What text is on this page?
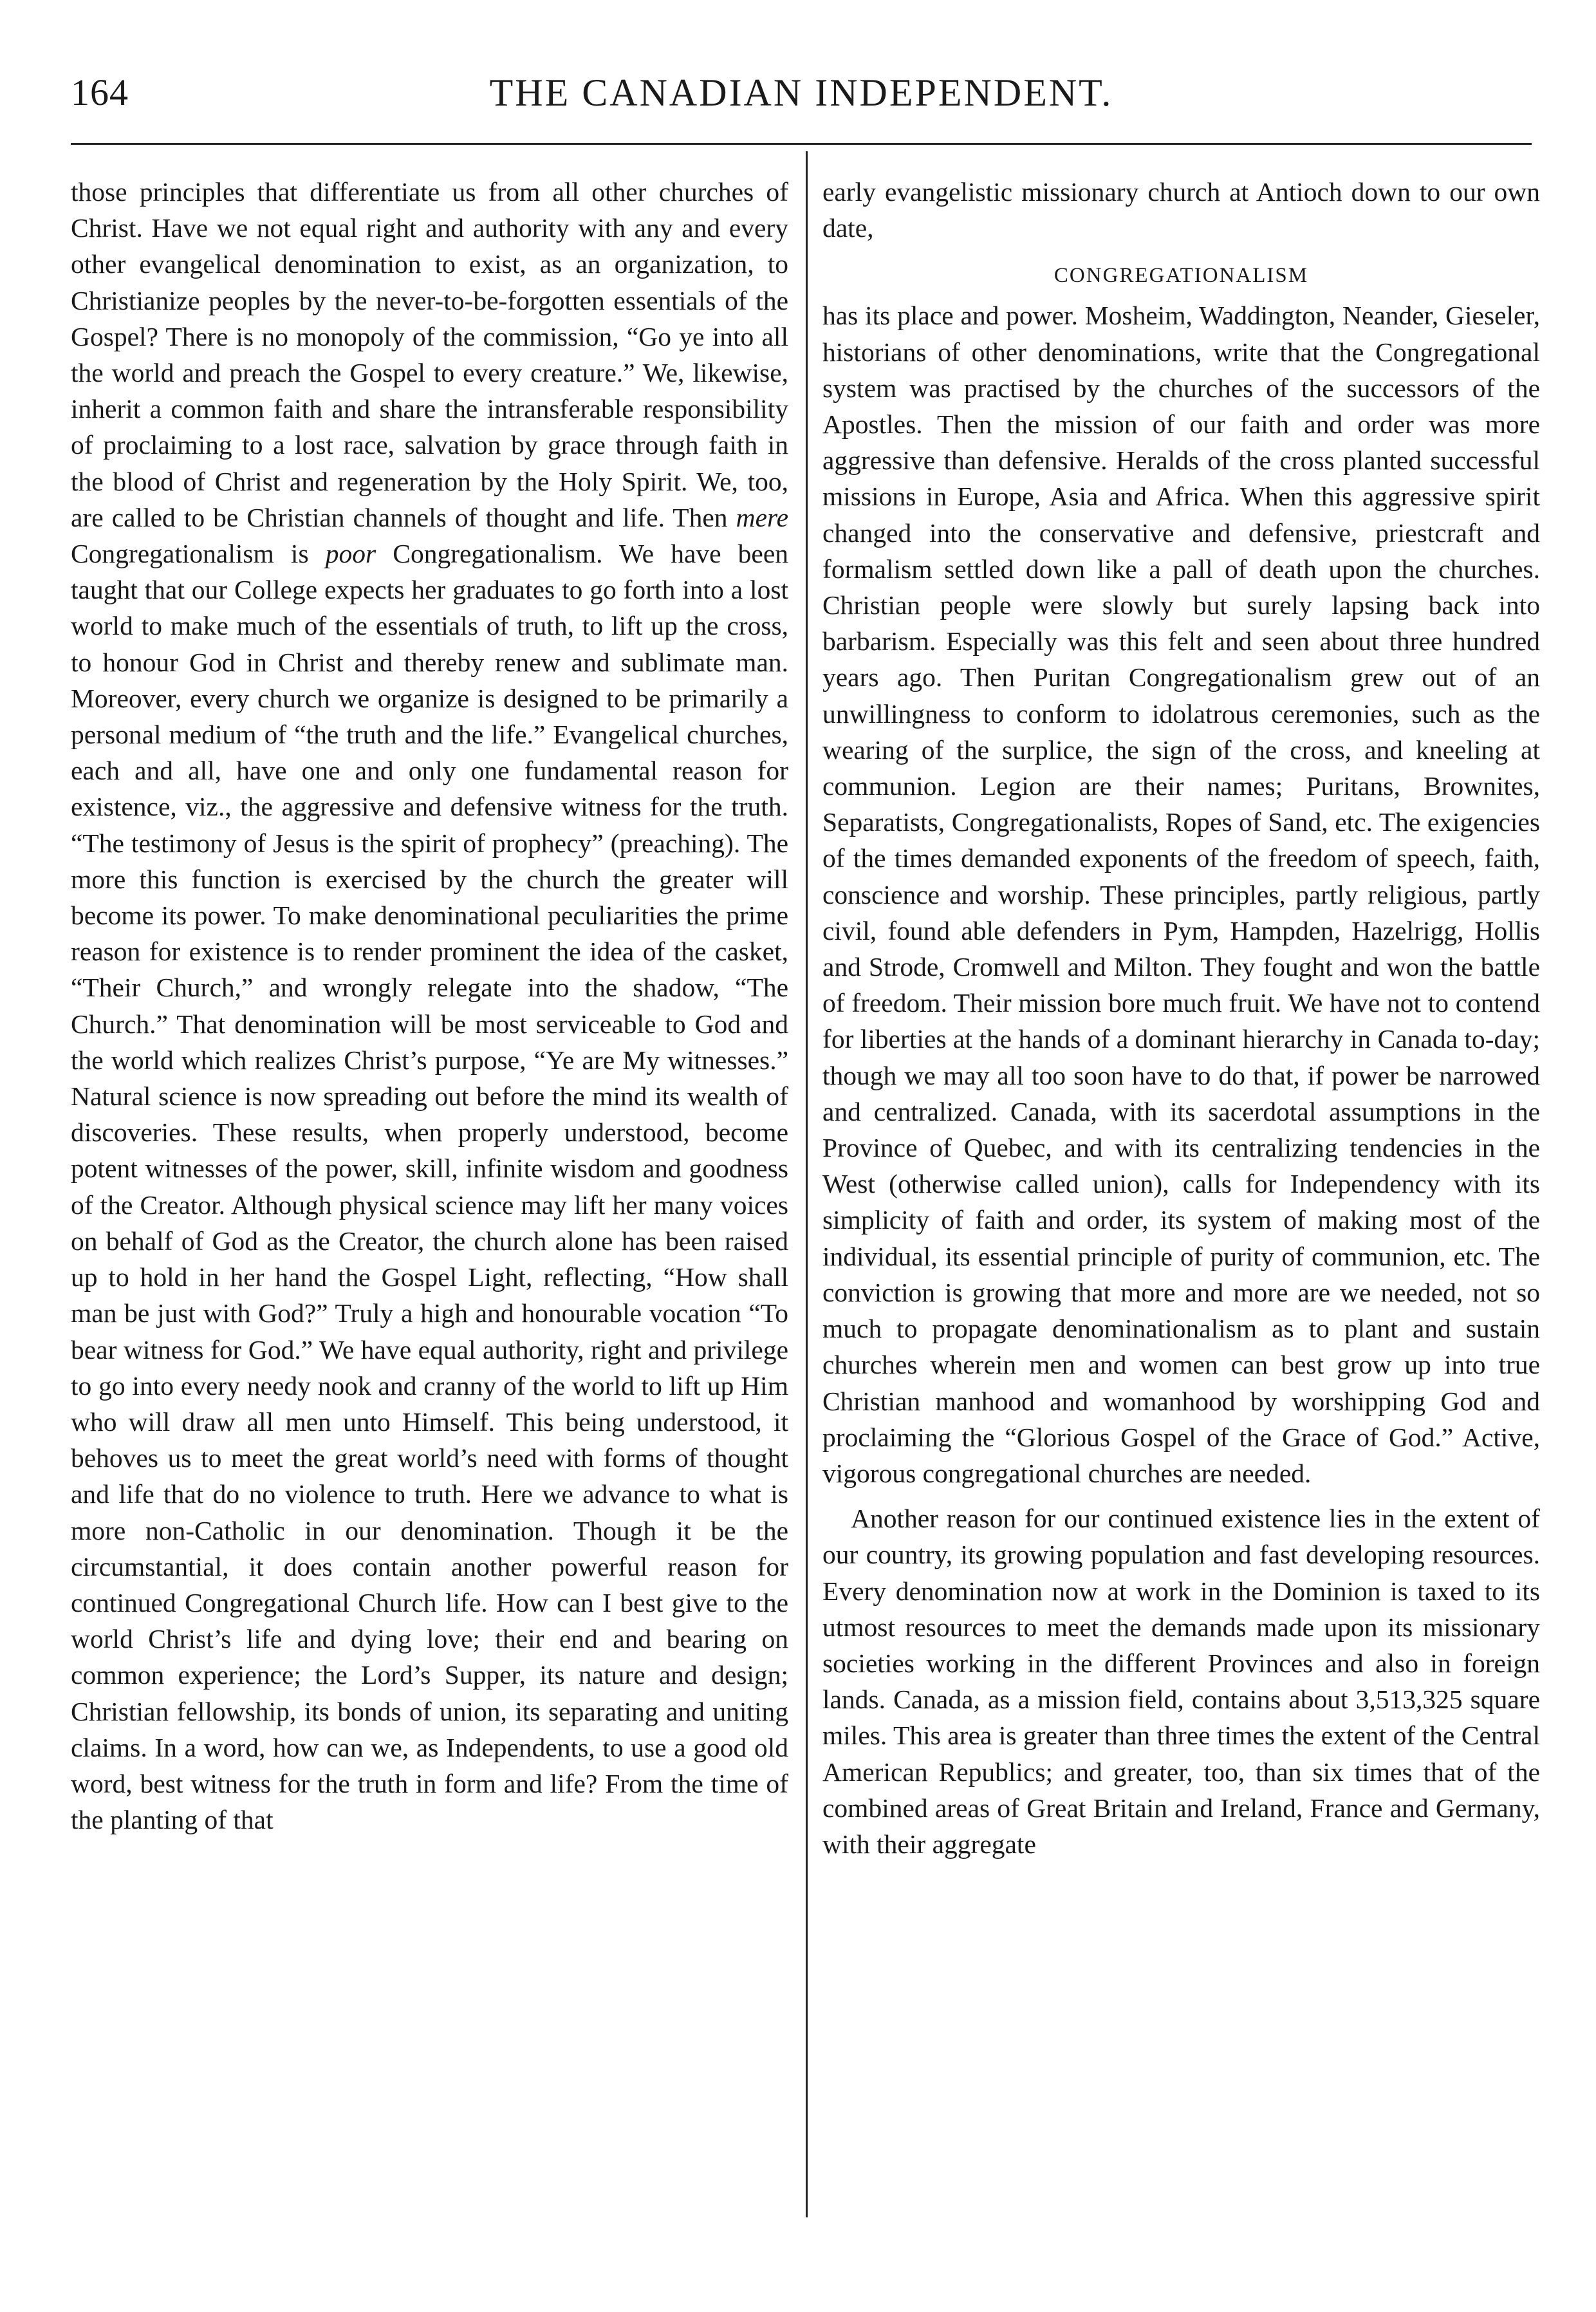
164	THE CANADIAN INDEPENDENT.

those principles that differentiate us from all other churches of Christ. Have we not equal right and authority with any and every other evangelical denomination to exist, as an organization, to Christianize peoples by the never-to-be-forgotten essentials of the Gospel? There is no monopoly of the commission, “Go ye into all the world and preach the Gospel to every creature.” We, likewise, inherit a common faith and share the intransferable responsibility of proclaiming to a lost race, salvation by grace through faith in the blood of Christ and regeneration by the Holy Spirit. We, too, are called to be Christian channels of thought and life. Then mere Congregationalism is poor Congregationalism. We have been taught that our College expects her graduates to go forth into a lost world to make much of the essentials of truth, to lift up the cross, to honour God in Christ and thereby renew and sublimate man. Moreover, every church we organize is designed to be primarily a personal medium of “the truth and the life.” Evangelical churches, each and all, have one and only one fundamental reason for existence, viz., the aggressive and defensive witness for the truth. “The testimony of Jesus is the spirit of prophecy” (preaching). The more this function is exercised by the church the greater will become its power. To make denominational peculiarities the prime reason for existence is to render prominent the idea of the casket, “Their Church,” and wrongly relegate into the shadow, “The Church.” That denomination will be most serviceable to God and the world which realizes Christ’s purpose, “Ye are My witnesses.” Natural science is now spreading out before the mind its wealth of discoveries. These results, when properly understood, become potent witnesses of the power, skill, infinite wisdom and goodness of the Creator. Although physical science may lift her many voices on behalf of God as the Creator, the church alone has been raised up to hold in her hand the Gospel Light, reflecting, “How shall man be just with God?” Truly a high and honourable vocation “To bear witness for God.” We have equal authority, right and privilege to go into every needy nook and cranny of the world to lift up Him who will draw all men unto Himself. This being understood, it behoves us to meet the great world’s need with forms of thought and life that do no violence to truth. Here we advance to what is more non-Catholic in our denomination. Though it be the circumstantial, it does contain another powerful reason for continued Congregational Church life. How can I best give to the world Christ’s life and dying love; their end and bearing on common experience; the Lord’s Supper, its nature and design; Christian fellowship, its bonds of union, its separating and uniting claims. In a word, how can we, as Independents, to use a good old word, best witness for the truth in form and life? From the time of the planting of that

early evangelistic missionary church at Antioch down to our own date,

CONGREGATIONALISM

has its place and power. Mosheim, Waddington, Neander, Gieseler, historians of other denominations, write that the Congregational system was practised by the churches of the successors of the Apostles. Then the mission of our faith and order was more aggressive than defensive. Heralds of the cross planted successful missions in Europe, Asia and Africa. When this aggressive spirit changed into the conservative and defensive, priestcraft and formalism settled down like a pall of death upon the churches. Christian people were slowly but surely lapsing back into barbarism. Especially was this felt and seen about three hundred years ago. Then Puritan Congregationalism grew out of an unwillingness to conform to idolatrous ceremonies, such as the wearing of the surplice, the sign of the cross, and kneeling at communion. Legion are their names; Puritans, Brownites, Separatists, Congregationalists, Ropes of Sand, etc. The exigencies of the times demanded exponents of the freedom of speech, faith, conscience and worship. These principles, partly religious, partly civil, found able defenders in Pym, Hampden, Hazelrigg, Hollis and Strode, Cromwell and Milton. They fought and won the battle of freedom. Their mission bore much fruit. We have not to contend for liberties at the hands of a dominant hierarchy in Canada to-day; though we may all too soon have to do that, if power be narrowed and centralized. Canada, with its sacerdotal assumptions in the Province of Quebec, and with its centralizing tendencies in the West (otherwise called union), calls for Independency with its simplicity of faith and order, its system of making most of the individual, its essential principle of purity of communion, etc. The conviction is growing that more and more are we needed, not so much to propagate denominationalism as to plant and sustain churches wherein men and women can best grow up into true Christian manhood and womanhood by worshipping God and proclaiming the “Glorious Gospel of the Grace of God.” Active, vigorous congregational churches are needed.

Another reason for our continued existence lies in the extent of our country, its growing population and fast developing resources. Every denomination now at work in the Dominion is taxed to its utmost resources to meet the demands made upon its missionary societies working in the different Provinces and also in foreign lands. Canada, as a mission field, contains about 3,513,325 square miles. This area is greater than three times the extent of the Central American Republics; and greater, too, than six times that of the combined areas of Great Britain and Ireland, France and Germany, with their aggregate
